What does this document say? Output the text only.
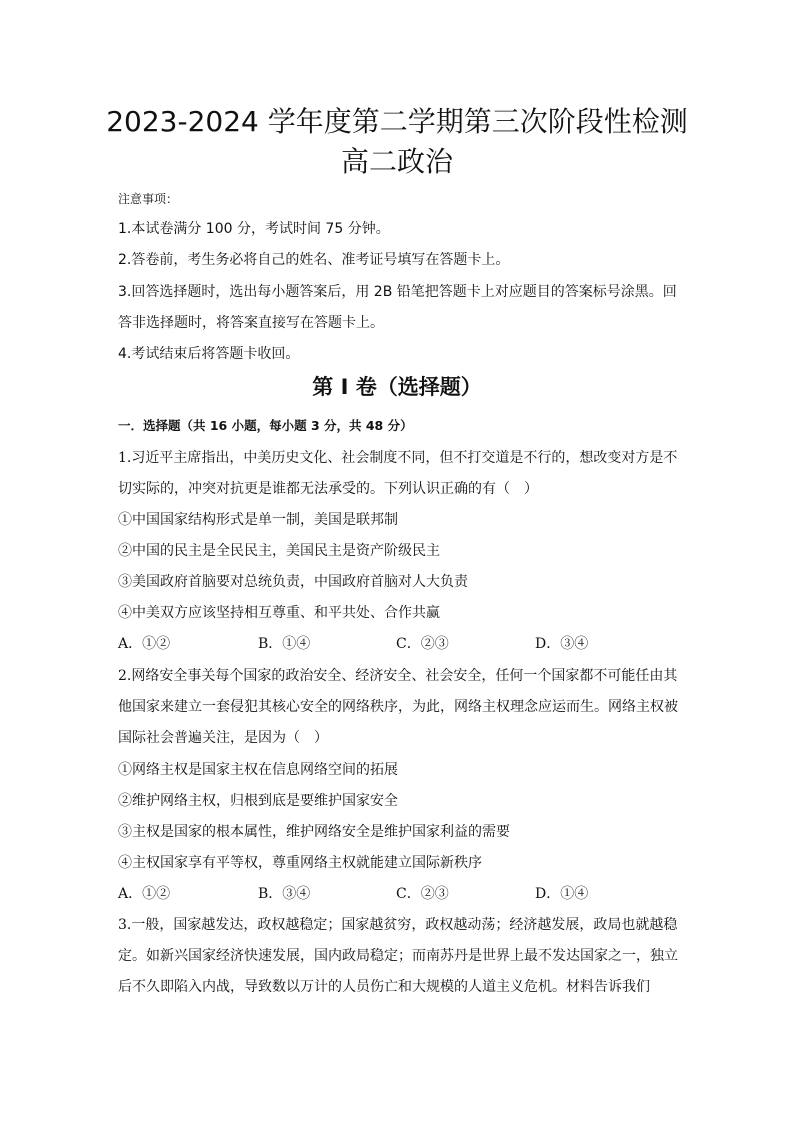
2023-2024 学年度第二学期第三次阶段性检测
高二政治
注意事项：
1.本试卷满分 100 分，考试时间 75 分钟。
2.答卷前，考生务必将自己的姓名、准考证号填写在答题卡上。
3.回答选择题时，选出每小题答案后，用 2B 铅笔把答题卡上对应题目的答案标号涂黑。回
答非选择题时，将答案直接写在答题卡上。
4.考试结束后将答题卡收回。
第 I 卷（选择题）
一．选择题（共 16 小题，每小题 3 分，共 48 分）
1.习近平主席指出，中美历史文化、社会制度不同，但不打交道是不行的，想改变对方是不
切实际的，冲突对抗更是谁都无法承受的。下列认识正确的有（　）
①中国国家结构形式是单一制，美国是联邦制
②中国的民主是全民民主，美国民主是资产阶级民主
③美国政府首脑要对总统负责，中国政府首脑对人大负责
④中美双方应该坚持相互尊重、和平共处、合作共赢
A．①②	B．①④	C．②③	D．③④
2.网络安全事关每个国家的政治安全、经济安全、社会安全，任何一个国家都不可能任由其
他国家来建立一套侵犯其核心安全的网络秩序，为此，网络主权理念应运而生。网络主权被
国际社会普遍关注，是因为（　）
①网络主权是国家主权在信息网络空间的拓展
②维护网络主权，归根到底是要维护国家安全
③主权是国家的根本属性，维护网络安全是维护国家利益的需要
④主权国家享有平等权，尊重网络主权就能建立国际新秩序
A．①②	B．③④	C．②③	D．①④
3.一般，国家越发达，政权越稳定；国家越贫穷，政权越动荡；经济越发展，政局也就越稳
定。如新兴国家经济快速发展，国内政局稳定；而南苏丹是世界上最不发达国家之一，独立
后不久即陷入内战，导致数以万计的人员伤亡和大规模的人道主义危机。材料告诉我们
